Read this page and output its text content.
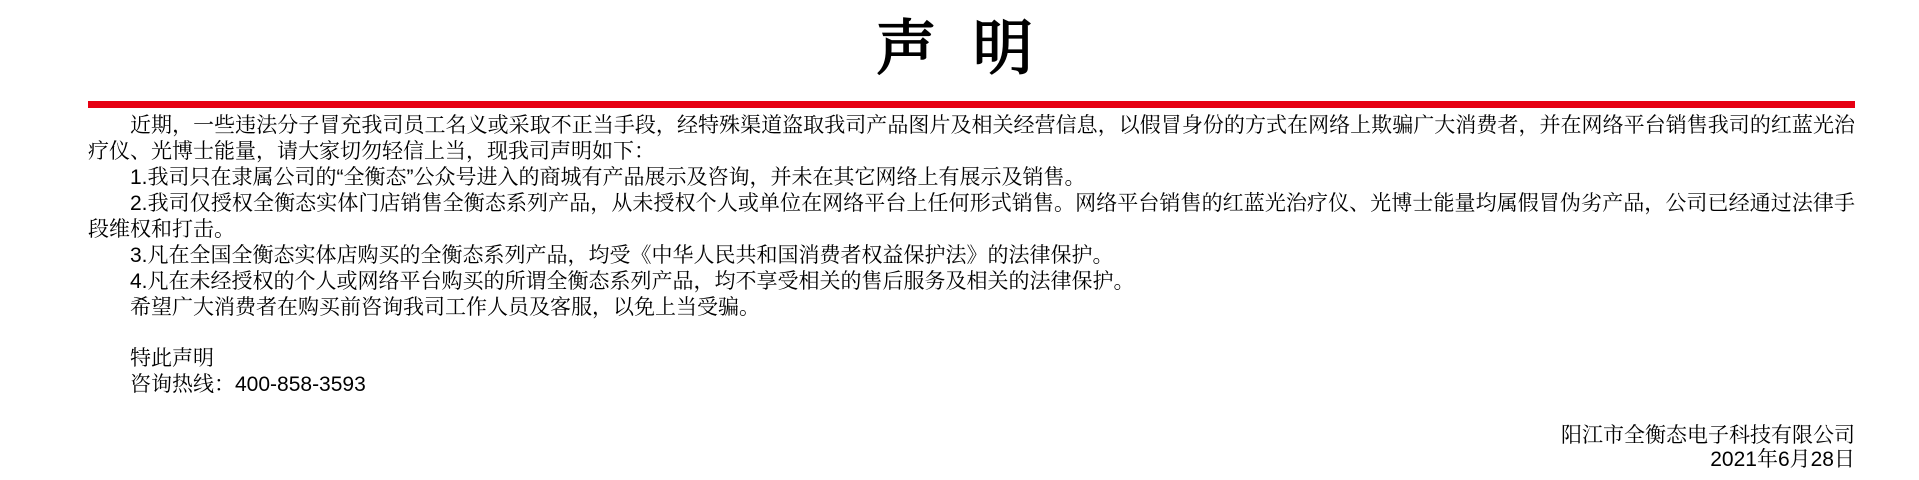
声 明

近期，一些违法分子冒充我司员工名义或采取不正当手段，经特殊渠道盗取我司产品图片及相关经营信息，以假冒身份的方式在网络上欺骗广大消费者，并在网络平台销售我司的红蓝光治疗仪、光博士能量，请大家切勿轻信上当，现我司声明如下：

1.我司只在隶属公司的“全衡态”公众号进入的商城有产品展示及咨询，并未在其它网络上有展示及销售。

2.我司仅授权全衡态实体门店销售全衡态系列产品，从未授权个人或单位在网络平台上任何形式销售。网络平台销售的红蓝光治疗仪、光博士能量均属假冒伪劣产品，公司已经通过法律手段维权和打击。

3.凡在全国全衡态实体店购买的全衡态系列产品，均受《中华人民共和国消费者权益保护法》的法律保护。

4.凡在未经授权的个人或网络平台购买的所谓全衡态系列产品，均不享受相关的售后服务及相关的法律保护。

希望广大消费者在购买前咨询我司工作人员及客服，以免上当受骗。

特此声明

咨询热线：400-858-3593

阳江市全衡态电子科技有限公司
2021年6月28日
